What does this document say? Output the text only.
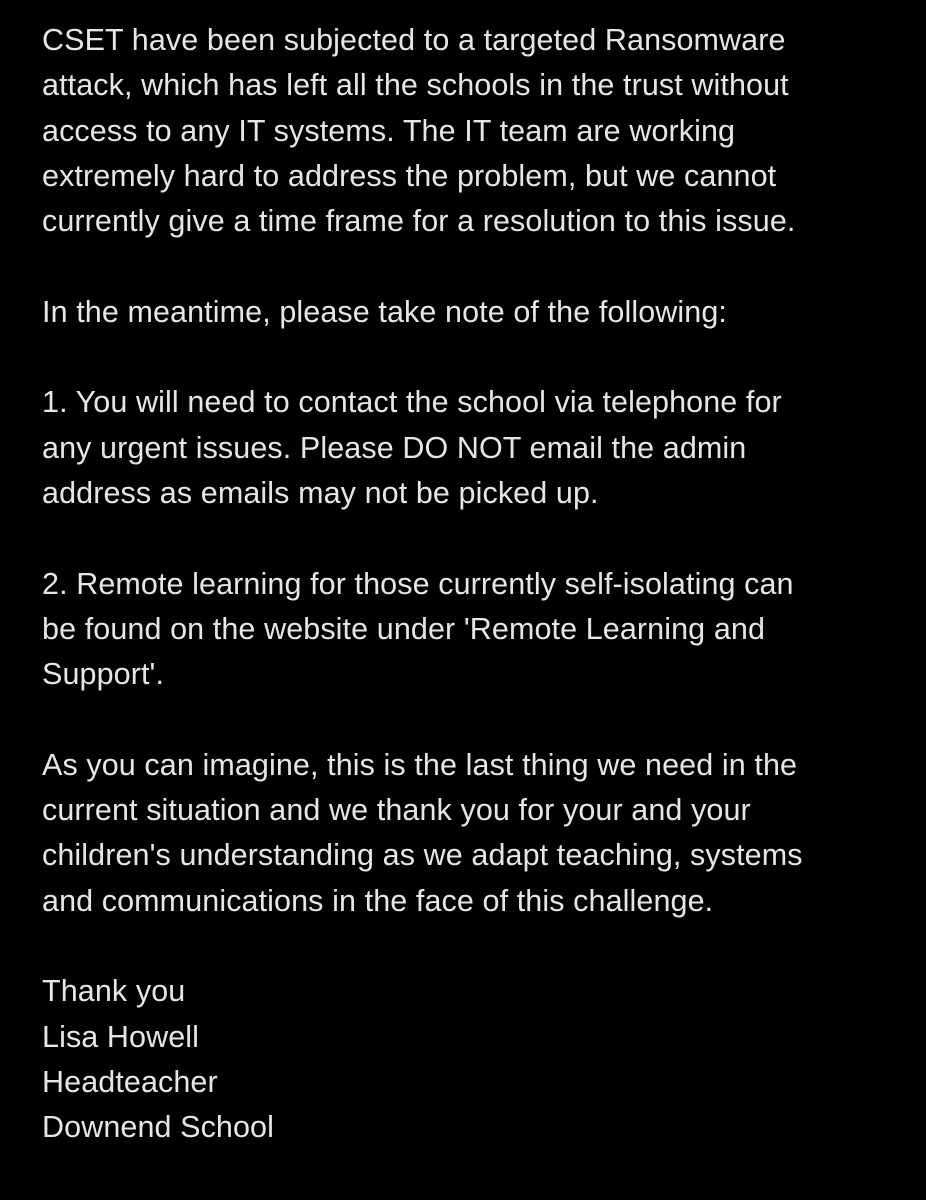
CSET have been subjected to a targeted Ransomware
attack, which has left all the schools in the trust without
access to any IT systems. The IT team are working
extremely hard to address the problem, but we cannot
currently give a time frame for a resolution to this issue.

In the meantime, please take note of the following:

1. You will need to contact the school via telephone for
any urgent issues. Please DO NOT email the admin
address as emails may not be picked up.

2. Remote learning for those currently self-isolating can
be found on the website under 'Remote Learning and
Support'.

As you can imagine, this is the last thing we need in the
current situation and we thank you for your and your
children's understanding as we adapt teaching, systems
and communications in the face of this challenge.

Thank you
Lisa Howell
Headteacher
Downend School
